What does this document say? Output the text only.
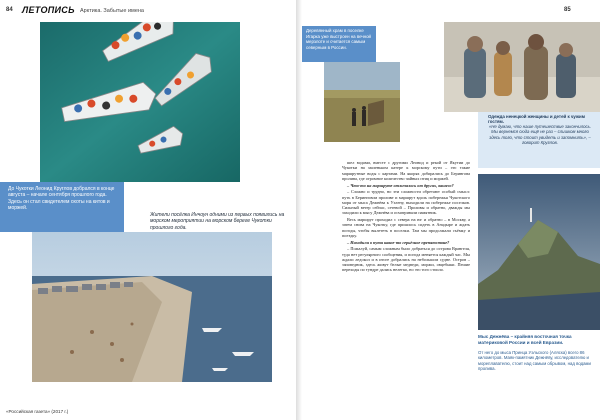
84 ЛЕТОПИСЬ Арктика. Забытые имена
До Чукотки Леонид Круглов добрался в конце августа – начале сентября прошлого года. Здесь он стал свидетелем охоты на китов и моржей.
Жители посёлка Инчоун одними из первых появились на морском мероприятии на морском береге Чукотки прошлого года.
«Российская газета» (2017 г.)
85
Деревянный храм в поселке Игарка уже выстроен на вечной мерзлоте и считается самым северным в России.
Одежда ненецкой женщины и детей к чужим гостям.
«Не думаю, что наше путешествие закончилось. Мы вернемся сюда ещё не раз – слишком много здесь того, что стоит увидеть и запомнить», – говорит Круглов.

шел водами, вместе с другими Леонид и рекой от Якутии до Чукотки на маленьком катере к морскому пути – это такие маршрутные воды с картами. На якорях добирались до Берингова пролива, где огромное количество чайных птиц и моржей.

– Что-то на маршруте отличалось от других, вашего?

– Сложно и трудно, но эти сложности обретают особый смысл: путь в Беринговом проливе и маршрут вдоль побережья Чукотского моря от мыса Дежнёва к Уэлену, выходили на побережье поселков. Сильный ветер сейчас, сетевой – Проливы и обратно, дважды мы заходили к мысу Дежнёва и осматривали памятник.

Весь маршрут проходил с севера на юг и обратно – в Москву, а затем снова на Чукотку, где пришлось сидеть в Анадыре и ждать погоды, чтобы вылететь в поселки. Там мы продолжали съёмку и поездку.

– Находили в пути какое-то серьёзное препятствие?

– Пожалуй, самым сложным было добраться до острова Врангеля, туда нет регулярного сообщения, и погода меняется каждый час. Мы ждали ледокол и в итоге добрались на небольшом судне. Остров – заповедник, здесь живут белые медведи, моржи, овцебыки. Пешие переходы по тундре дались нелегко, но это того стоило.

Мыс Дежнёва – крайняя восточная точка материковой России и всей Евразии.
От него до мыса Принца Уэльского (Аляска) всего 86 километров. Маяк-памятник Дежнёву, исследователю и мореплавателю, стоит над самым обрывом, над водами пролива.
